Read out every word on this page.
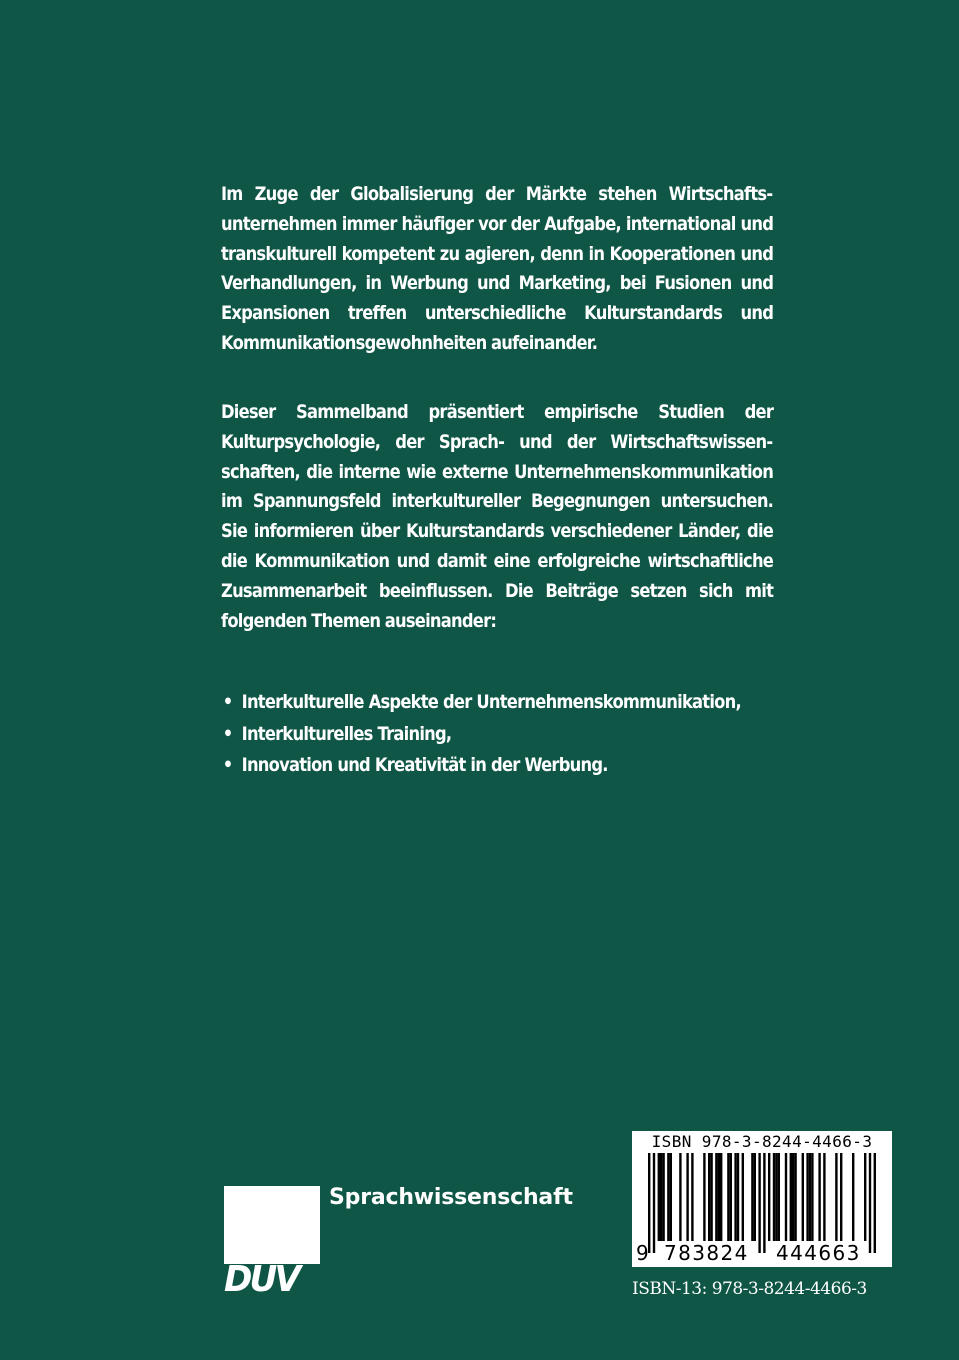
Im Zuge der Globalisierung der Märkte stehen Wirtschaftsunternehmen immer häufiger vor der Aufgabe, international und transkulturell kompetent zu agieren, denn in Kooperationen und Verhandlungen, in Werbung und Marketing, bei Fusionen und Expansionen treffen unterschiedliche Kulturstandards und Kommunikationsgewohnheiten aufeinander.

Dieser Sammelband präsentiert empirische Studien der Kulturpsychologie, der Sprach- und der Wirtschaftswissenschaften, die interne wie externe Unternehmenskommunikation im Spannungsfeld interkultureller Begegnungen untersuchen. Sie informieren über Kulturstandards verschiedener Länder, die die Kommunikation und damit eine erfolgreiche wirtschaftliche Zusammenarbeit beeinflussen. Die Beiträge setzen sich mit folgenden Themen auseinander:

• Interkulturelle Aspekte der Unternehmenskommunikation,
• Interkulturelles Training,
• Innovation und Kreativität in der Werbung.
DUV
Sprachwissenschaft
ISBN 978-3-8244-4466-3
9 783824 444663
ISBN-13: 978-3-8244-4466-3
